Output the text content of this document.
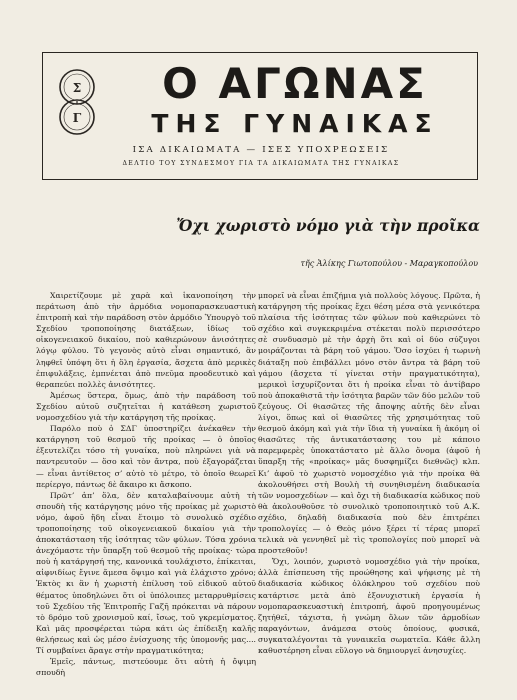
Σ
Γ
Ο ΑΓΩΝΑΣ
ΤΗΣ ΓΥΝΑΙΚΑΣ
ΙΣΑ ΔΙΚΑΙΩΜΑΤΑ — ΙΣΕΣ ΥΠΟΧΡΕΩΣΕΙΣ
ΔΕΛΤΙΟ ΤΟΥ ΣΥΝΔΕΣΜΟΥ ΓΙΑ ΤΑ ΔΙΚΑΙΩΜΑΤΑ ΤΗΣ ΓΥΝΑΙΚΑΣ
Ὄχι χωριστὸ νόμο γιὰ τὴν προῖκα
τῆς Ἀλίκης Γιωτοπούλου - Μαραγκοπούλου

Χαιρετίζουμε μὲ χαρὰ καὶ ἱκανοποίηση τὴν περάτωση ἀπὸ τὴν ἁρμόδια νομοπαρασκευαστικὴ ἐπιτροπὴ καὶ τὴν παράδοση στὸν ἁρμόδιο Ὑπουργὸ τοῦ Σχεδίου τροποποίησης διατάξεων, ἰδίως τοῦ οἰκογενειακοῦ δικαίου, ποὺ καθιερώνουν ἀνισότητες λόγῳ φύλου. Τὸ γεγονὸς αὐτὸ εἶναι σημαντικό, ἂν ληφθεῖ ὑπόψη ὅτι ἡ ὅλη ἐργασία, ἄσχετα ἀπὸ μερικὲς ἐπιφυλάξεις, ἐμπνέεται ἀπὸ πνεῦμα προοδευτικὸ καὶ θεραπεύει πολλὲς ἀνισότητες.

Ἀμέσως ὕστερα, ὅμως, ἀπὸ τὴν παράδοση τοῦ Σχεδίου αὐτοῦ συζητεῖται ἡ κατάθεση χωριστοῦ νομοσχεδίου γιὰ τὴν κατάργηση τῆς προίκας.

Παρόλο ποὺ ὁ ΣΔΓ ὑποστηρίζει ἀνέκαθεν τὴν κατάργηση τοῦ θεσμοῦ τῆς προίκας — ὁ ὁποῖος ἐξευτελίζει τόσο τὴ γυναίκα, ποὺ πληρώνει γιὰ νὰ παντρευτοῦν — ὅσο καὶ τὸν ἄντρα, ποὺ ἐξαγοράζεται — εἶναι ἀντίθετος σ’ αὐτὸ τὸ μέτρο, τὸ ὁποῖο θεωρεῖ περίεργο, πάντως δὲ ἄκαιρο κι ἄσκοπο.

Πρῶτ’ ἀπ’ ὅλα, δὲν καταλαβαίνουμε αὐτὴ τὴ σπουδὴ τῆς κατάργησης μόνο τῆς προίκας μὲ χωριστὸ νόμο, ἀφοῦ ἤδη εἶναι ἕτοιμο τὸ συνολικὸ σχέδιο τροποποίησης τοῦ οἰκογενειακοῦ δικαίου γιὰ τὴν ἀποκατάσταση τῆς ἰσότητας τῶν φύλων. Τόσα χρόνια ἀνεχόμαστε τὴν ὕπαρξη τοῦ θεσμοῦ τῆς προίκας· τώρα ποὺ ἡ κατάργησή της, κανονικά τουλάχιστο, ἐπίκειται, αἰφνιδίως ἔγινε ἄμεσα ὄψιμο καὶ γιὰ ἐλάχιστο χρόνο; Ἐκτὸς κι ἂν ἡ χωριστὴ ἐπίλυση τοῦ εἰδικοῦ αὐτοῦ θέματος ὑποδηλώνει ὅτι οἱ ὑπόλοιπες μεταρρυθμίσεις τοῦ Σχεδίου τῆς Ἐπιτροπῆς Γαζῆ πρόκειται νὰ πάρουν τὸ δρόμο τοῦ χρονισμοῦ καί, ἴσως, τοῦ γκρεμίσματος. Καὶ μᾶς προσφέρεται τώρα κάτι ὡς ἐπίδειξη καλῆς θελήσεως καὶ ὡς μέσο ἐνίσχυσης τῆς ὑπομονῆς μας.... Τί συμβαίνει ἄραγε στὴν πραγματικότητα;

Ἐμεῖς, πάντως, πιστεύουμε ὅτι αὐτὴ ἡ ὄψιμη σπουδὴ

μπορεῖ νὰ εἶναι ἐπιζήμια γιὰ πολλοὺς λόγους. Πρῶτα, ἡ κατάργηση τῆς προίκας ἔχει θέση μέσα στὰ γενικότερα πλαίσια τῆς ἰσότητας τῶν φύλων ποὺ καθιερώνει τὸ σχέδιο καὶ συγκεκριμένα στέκεται πολὺ περισσότερο σὲ συνδυασμὸ μὲ τὴν ἀρχὴ ὅτι καὶ οἱ δύο σύζυγοι μοιράζονται τὰ βάρη τοῦ γάμου. Ὅσο ἰσχύει ἡ τωρινὴ διάταξη ποὺ ἐπιβάλλει μόνο στὸν ἄντρα τὰ βάρη τοῦ γάμου (ἄσχετα τί γίνεται στὴν πραγματικότητα), μερικοὶ ἰσχυρίζονται ὅτι ἡ προίκα εἶναι τὸ ἀντίβαρο ποὺ ἀποκαθιστᾶ τὴν ἰσότητα βαρῶν τῶν δύο μελῶν τοῦ ζεύγους. Οἱ θιασῶτες τῆς ἄποψης αὐτῆς δὲν εἶναι λίγοι, ὅπως καὶ οἱ θιασῶτες τῆς χρησιμότητας τοῦ θεσμοῦ ἀκόμη καὶ γιὰ τὴν ἴδια τὴ γυναίκα ἢ ἀκόμη οἱ θιασῶτες τῆς ἀντικατάστασης του μὲ κάποιο παρεμφερὲς ὑποκατάστατο μὲ ἄλλο ὄνομα (ἀφοῦ ἡ ὕπαρξη τῆς «προίκας» μᾶς δυσφημίζει διεθνῶς) κλπ. Κι’ ἀφοῦ τὸ χωριστὸ νομοσχέδιο γιὰ τὴν προίκα θὰ ἀκολουθήσει στὴ Βουλὴ τὴ συνηθισμένη διαδικασία τῶν νομοσχεδίων — καὶ ὄχι τὴ διαδικασία κώδικος ποὺ θὰ ἀκολουθοῦσε τὸ συνολικὸ τροποποιητικὸ τοῦ Α.Κ. σχέδιο, δηλαδὴ διαδικασία ποὺ δὲν ἐπιτρέπει τροπολογίες — ὁ Θεὸς μόνο ξέρει τί τέρας μπορεῖ τελικὰ νὰ γεννηθεῖ μὲ τὶς τροπολογίες ποὺ μπορεῖ νὰ προστεθοῦν!

Ὄχι, λοιπόν, χωριστὸ νομοσχέδιο γιὰ τὴν προίκα, ἀλλὰ ἐπίσπευση τῆς προώθησης καὶ ψήφισης μὲ τὴ διαδικασία κώδικος ὁλόκληρου τοῦ σχεδίου ποὺ κατάρτισε μετὰ ἀπὸ ἐξονυχιστικὴ ἐργασία ἡ νομοπαρασκευαστικὴ ἐπιτροπή, ἀφοῦ προηγουμένως ζητήθεῖ, τάχιστα, ἡ γνώμη ὅλων τῶν ἁρμοδίων παραγόντων, ἀνάμεσα στοὺς ὁποίους, φυσικά, συγκαταλέγονται τὰ γυναικεῖα σωματεῖα. Κάθε ἄλλη καθυστέρηση εἶναι εὔλογο νὰ δημιουργεῖ ἀνησυχίες.
